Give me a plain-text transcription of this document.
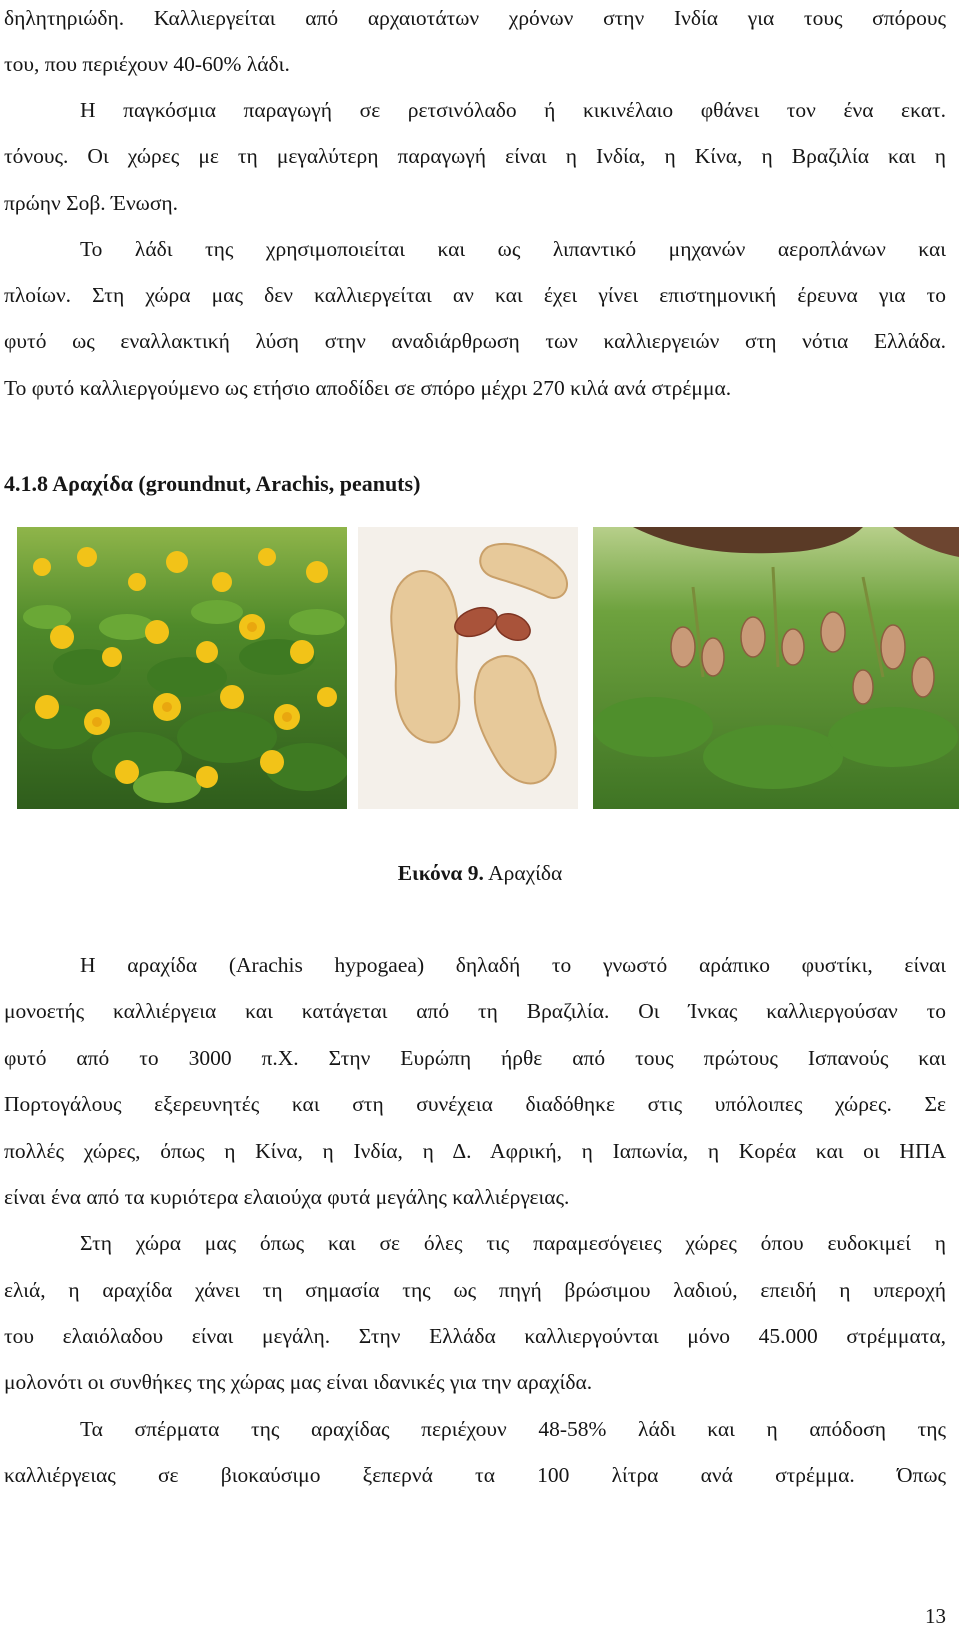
δηλητηριώδη. Καλλιεργείται από αρχαιοτάτων χρόνων στην Ινδία για τους σπόρους
του, που περιέχουν 40-60% λάδι.
Η παγκόσμια παραγωγή σε ρετσινόλαδο ή κικινέλαιο φθάνει τον ένα εκατ.
τόνους. Οι χώρες με τη μεγαλύτερη παραγωγή είναι η Ινδία, η Κίνα, η Βραζιλία και η
πρώην Σοβ. Ένωση.
Το λάδι της χρησιμοποιείται και ως λιπαντικό μηχανών αεροπλάνων και
πλοίων. Στη χώρα μας δεν καλλιεργείται αν και έχει γίνει επιστημονική έρευνα για το
φυτό ως εναλλακτική λύση στην αναδιάρθρωση των καλλιεργειών στη νότια Ελλάδα.
Το φυτό καλλιεργούμενο ως ετήσιο αποδίδει σε σπόρο μέχρι 270 κιλά ανά στρέμμα.
4.1.8 Αραχίδα (groundnut, Arachis, peanuts)
Εικόνα 9. Αραχίδα
Η αραχίδα (Arachis hypogaea) δηλαδή το γνωστό αράπικο φυστίκι, είναι
μονοετής καλλιέργεια και κατάγεται από τη Βραζιλία. Οι Ίνκας καλλιεργούσαν το
φυτό από το 3000 π.Χ. Στην Ευρώπη ήρθε από τους πρώτους Ισπανούς και
Πορτογάλους εξερευνητές και στη συνέχεια διαδόθηκε στις υπόλοιπες χώρες. Σε
πολλές χώρες, όπως η Κίνα, η Ινδία, η Δ. Αφρική, η Ιαπωνία, η Κορέα και οι ΗΠΑ
είναι ένα από τα κυριότερα ελαιούχα φυτά μεγάλης καλλιέργειας.
Στη χώρα μας όπως και σε όλες τις παραμεσόγειες χώρες όπου ευδοκιμεί η
ελιά, η αραχίδα χάνει τη σημασία της ως πηγή βρώσιμου λαδιού, επειδή η υπεροχή
του ελαιόλαδου είναι μεγάλη. Στην Ελλάδα καλλιεργούνται μόνο 45.000 στρέμματα,
μολονότι οι συνθήκες της χώρας μας είναι ιδανικές για την αραχίδα.
Τα σπέρματα της αραχίδας περιέχουν 48-58% λάδι και η απόδοση της
καλλιέργειας σε βιοκαύσιμο ξεπερνά τα 100 λίτρα ανά στρέμμα. Όπως
13
